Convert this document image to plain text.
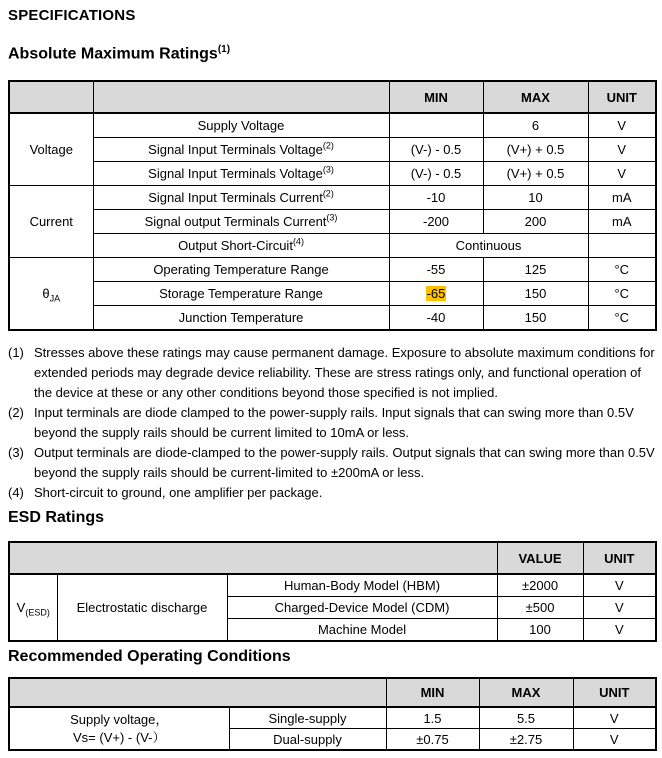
SPECIFICATIONS
Absolute Maximum Ratings$^{(1)}$
		MIN	MAX	UNIT
Voltage	Supply Voltage		6	V
	Signal Input Terminals Voltage$^{(2)}$	(V-) - 0.5	(V+) + 0.5	V
	Signal Input Terminals Voltage$^{(3)}$	(V-) - 0.5	(V+) + 0.5	V
Current	Signal Input Terminals Current$^{(2)}$	-10	10	mA
	Signal output Terminals Current$^{(3)}$	-200	200	mA
	Output Short-Circuit$^{(4)}$	Continuous		
$\theta_{JA}$	Operating Temperature Range	-55	125	°C
	Storage Temperature Range	-65	150	°C
	Junction Temperature	-40	150	°C
(1) Stresses above these ratings may cause permanent damage. Exposure to absolute maximum conditions for extended periods may degrade device reliability. These are stress ratings only, and functional operation of the device at these or any other conditions beyond those specified is not implied.
(2) Input terminals are diode clamped to the power-supply rails. Input signals that can swing more than 0.5V beyond the supply rails should be current limited to 10mA or less.
(3) Output terminals are diode-clamped to the power-supply rails. Output signals that can swing more than 0.5V beyond the supply rails should be current-limited to ±200mA or less.
(4) Short-circuit to ground, one amplifier per package.
ESD Ratings
			VALUE	UNIT
$V_{(ESD)}$	Electrostatic discharge	Human-Body Model (HBM)	±2000	V
		Charged-Device Model (CDM)	±500	V
		Machine Model	100	V
Recommended Operating Conditions
		MIN	MAX	UNIT

Supply voltage，
Vs= (V+) - (V-）	Single-supply	1.5	5.5	V
	Dual-supply	±0.75	±2.75	V
